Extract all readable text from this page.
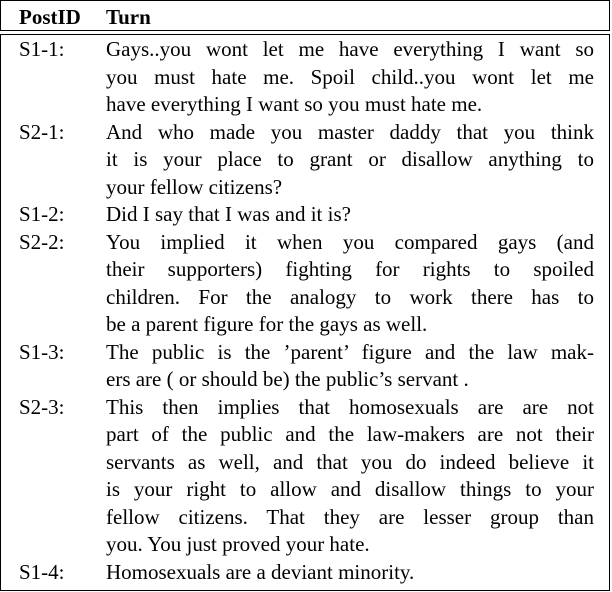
PostID Turn
S1-1: Gays..you wont let me have everything I want so
you must hate me. Spoil child..you wont let me
have everything I want so you must hate me.
S2-1: And who made you master daddy that you think
it is your place to grant or disallow anything to
your fellow citizens?
S1-2: Did I say that I was and it is?
S2-2: You implied it when you compared gays (and
their supporters) fighting for rights to spoiled
children. For the analogy to work there has to
be a parent figure for the gays as well.
S1-3: The public is the ’parent’ figure and the law mak-
ers are ( or should be) the public’s servant .
S2-3: This then implies that homosexuals are are not
part of the public and the law-makers are not their
servants as well, and that you do indeed believe it
is your right to allow and disallow things to your
fellow citizens. That they are lesser group than
you. You just proved your hate.
S1-4: Homosexuals are a deviant minority.
